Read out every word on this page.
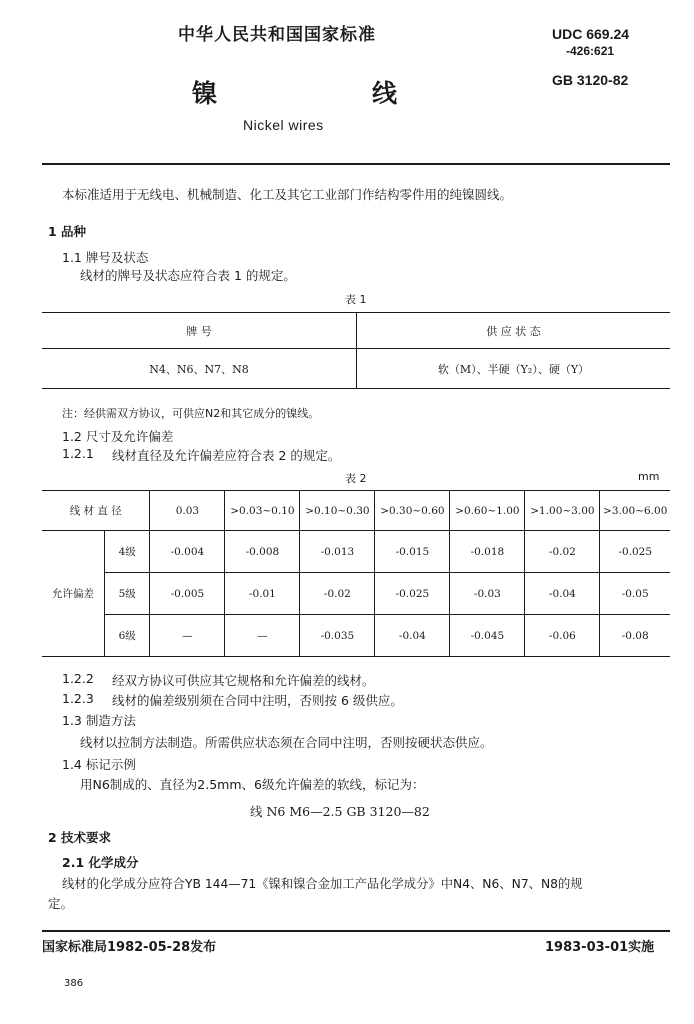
中华人民共和国国家标准	UDC 669.24
-426:621
GB 3120-82
镍	线
Nickel wires
本标准适用于无线电、机械制造、化工及其它工业部门作结构零件用的纯镍圆线。
1 品种
1.1 牌号及状态
线材的牌号及状态应符合表 1 的规定。
表 1
牌 号	供 应 状 态
N4、N6、N7、N8	软（M）、半硬（Y₂）、硬（Y）
注：经供需双方协议，可供应N2和其它成分的镍线。
1.2 尺寸及允许偏差
1.2.1 线材直径及允许偏差应符合表 2 的规定。
表 2	mm
线 材 直 径		0.03	>0.03~0.10	>0.10~0.30	>0.30~0.60	>0.60~1.00	>1.00~3.00	>3.00~6.00
允许偏差	4级	-0.004	-0.008	-0.013	-0.015	-0.018	-0.02	-0.025
	5级	-0.005	-0.01	-0.02	-0.025	-0.03	-0.04	-0.05
	6级	—	—	-0.035	-0.04	-0.045	-0.06	-0.08
1.2.2 经双方协议可供应其它规格和允许偏差的线材。
1.2.3 线材的偏差级别须在合同中注明，否则按 6 级供应。
1.3 制造方法
线材以拉制方法制造。所需供应状态须在合同中注明，否则按硬状态供应。
1.4 标记示例
用N6制成的、直径为2.5mm、6级允许偏差的软线，标记为：
线 N6 M6—2.5 GB 3120—82
2 技术要求
2.1 化学成分
线材的化学成分应符合YB 144—71《镍和镍合金加工产品化学成分》中N4、N6、N7、N8的规
定。
国家标准局1982-05-28发布	1983-03-01实施
386
